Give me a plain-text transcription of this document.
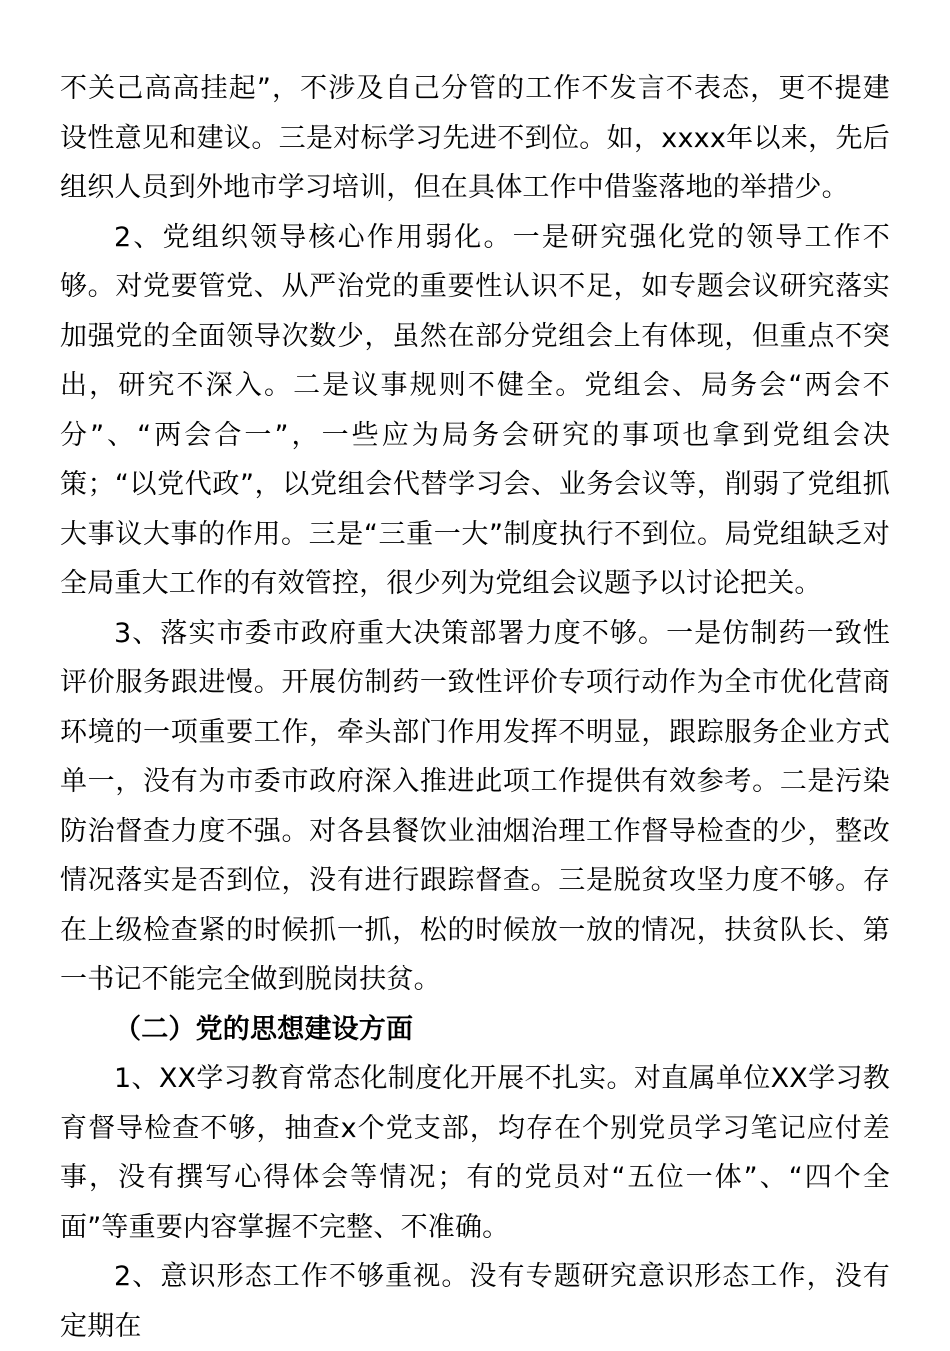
不关己高高挂起”，不涉及自己分管的工作不发言不表态，更不提建设性意见和建议。三是对标学习先进不到位。如，xxxx年以来，先后组织人员到外地市学习培训，但在具体工作中借鉴落地的举措少。

2、党组织领导核心作用弱化。一是研究强化党的领导工作不够。对党要管党、从严治党的重要性认识不足，如专题会议研究落实加强党的全面领导次数少，虽然在部分党组会上有体现，但重点不突出，研究不深入。二是议事规则不健全。党组会、局务会“两会不分”、“两会合一”，一些应为局务会研究的事项也拿到党组会决策；“以党代政”，以党组会代替学习会、业务会议等，削弱了党组抓大事议大事的作用。三是“三重一大”制度执行不到位。局党组缺乏对全局重大工作的有效管控，很少列为党组会议题予以讨论把关。

3、落实市委市政府重大决策部署力度不够。一是仿制药一致性评价服务跟进慢。开展仿制药一致性评价专项行动作为全市优化营商环境的一项重要工作，牵头部门作用发挥不明显，跟踪服务企业方式单一，没有为市委市政府深入推进此项工作提供有效参考。二是污染防治督查力度不强。对各县餐饮业油烟治理工作督导检查的少，整改情况落实是否到位，没有进行跟踪督查。三是脱贫攻坚力度不够。存在上级检查紧的时候抓一抓，松的时候放一放的情况，扶贫队长、第一书记不能完全做到脱岗扶贫。

（二）党的思想建设方面

1、XX学习教育常态化制度化开展不扎实。对直属单位XX学习教育督导检查不够，抽查x个党支部，均存在个别党员学习笔记应付差事，没有撰写心得体会等情况；有的党员对“五位一体”、“四个全面”等重要内容掌握不完整、不准确。

2、意识形态工作不够重视。没有专题研究意识形态工作，没有定期在
